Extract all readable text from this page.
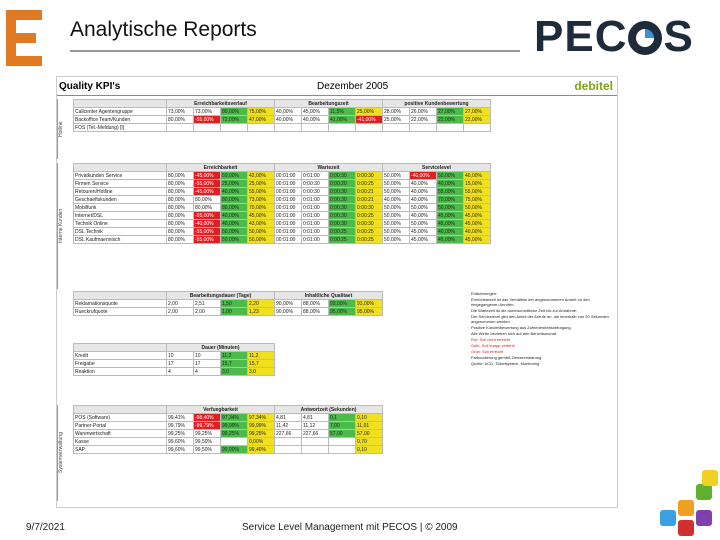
Analytische Reports	PEC S
Quality KPI's	Dezember 2005	debitel
Hotline
	Erreichbarkeitsverlauf				Bearbeitungszeit				positive Kundenbewertung			
Callcenter Agentengruppe	73,00%	73,00%	80,00%	75,00%	40,00%	45,00%	11,5%	25,00%	28,00%	26,00%	27,00%	27,00%
Backoffice Team/Kunden	80,00%	-55,00%	72,00%	47,00%	40,00%	40,00%	41,00%	-41,00%	25,00%	22,00%	22,00%	22,00%
FOS (Tel.-Meldung) [I]												
Interne Kunden
	Erreichbarkeit				Wartezeit				Servicelevel			
Privatkunden Service	80,00%	-45,00%	50,00%	42,00%	00:01:00	0:01:00	0:00:30	0:00:30	50,00%	-40,00%	50,00%	40,00%
Firmen Service	80,00%	-55,00%	25,00%	25,00%	00:01:00	0:00:30	0:00:20	0:00:25	50,00%	40,00%	40,00%	15,00%
Retouren/Hotline	80,00%	-45,00%	40,00%	55,00%	00:01:00	0:00:30	0:00:30	0:00:21	50,00%	40,00%	55,00%	55,00%
Geschaeftskunden	80,00%	80,00%	80,00%	73,00%	00:01:00	0:01:00	0:00:30	0:00:21	40,00%	40,00%	70,00%	75,00%
Mobilfunk	80,00%	80,00%	80,00%	70,00%	00:01:00	0:01:00	0:00:30	0:00:30	50,00%	50,00%	50,00%	50,00%
Internet/DSL	80,00%	-55,00%	40,00%	45,00%	00:01:00	0:01:00	0:00:30	0:00:25	50,00%	40,00%	45,00%	45,00%
Technik Online	80,00%	-40,00%	40,00%	43,00%	00:01:00	0:01:00	0:00:30	0:00:30	50,00%	50,00%	45,00%	45,00%
DSL Technik	80,00%	-55,00%	50,00%	50,00%	00:01:00	0:01:00	0:00:25	0:00:25	50,00%	45,00%	40,00%	40,00%
DSL Kaufmaennisch	80,00%	-55,00%	50,00%	50,00%	00:01:00	0:01:00	0:00:25	0:00:25	50,00%	45,00%	45,00%	45,00%
	Bearbeitungsdauer (Tage)				Inhaltliche Qualitaet			
Reklamationsquote	2,00	2,51	1,50	2,20	90,00%	88,00%	93,00%	93,00%
Rueckrufquote	2,00	2,00	1,00	1,23	90,00%	88,00%	95,00%	95,00%
	Dauer (Minuten)			
Kredit	10	10	11,2	11,2
Freigabe	17	17	15,7	15,7
Reaktion	4	4	3,0	3,0
Systemverwaltung
	Verfuegbarkeit				Antwortzeit (Sekunden)			
POS (Software)	99,41%	-98,40%	97,34%	97,34%	4,81	4,81	0,1	0,10
Partner-Portal	99,79%	-99,79%	99,99%	99,99%	11,42	11,12	7,00	11,01
Warenwirtschaft	99,25%	99,25%	99,25%	99,25%	227,66	227,66	57,00	57,00
Kasse	99,60%	99,50%		0,00%				0,70
SAP	99,60%	99,50%	99,00%	99,40%				0,10
Erläuterungen:
Erreichbarkeit ist das Verhältnis der angenommenen Anrufe zu den eingegangenen Anrufen.
Die Wartezeit ist die durchschnittliche Zeit bis zur Annahme.
Der Servicelevel gibt den Anteil der Anrufe an, die innerhalb von 20 Sekunden angenommen werden.
Positive Kundenbewertung aus Zufriedenheitsbefragung.
Alle Werte beziehen sich auf den Berichtsmonat.
Rot: Soll nicht erreicht
Gelb: Soll knapp verfehlt
Grün: Soll erreicht
Farbcodierung gemäß Zielvereinbarung
Quelle: ACD, Ticketsystem, Monitoring
9/7/2021	Service Level Management mit PECOS | © 2009
